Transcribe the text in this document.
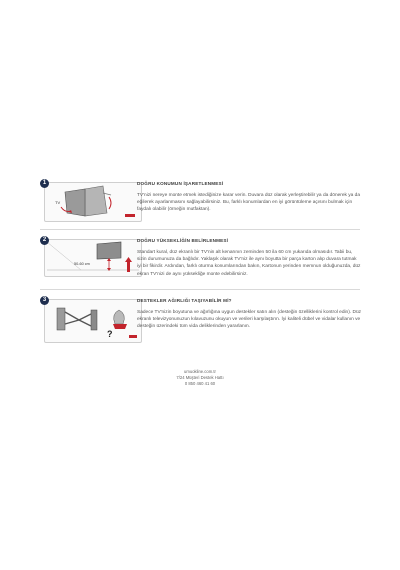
1
TV
DOĞRU KONUMUN İŞARETLENMESİ
TV'nizi nereye monte etmek istediğinize karar verin. Duvara düz olarak yerleştirebilir ya da dönerek ya da eğilerek ayarlanmasını sağlayabilirsiniz. Bu, farklı konumlardan en iyi görüntüleme açısını bulmak için faydalı olabilir (örneğin mutfaktan).
2
50-60 cm
DOĞRU YÜKSEKLİĞİN BELİRLENMESİ
Standart kural, düz ekranlı bir TV'nin alt kenarının zeminden 50 ila 60 cm yukarıda olmasıdır. Tabii bu, sizin durumunuza da bağlıdır. Yaklaşık olarak TV'niz ile aynı boyutta bir parça karton alıp duvara tutmak iyi bir fikirdir. Ardından, farklı oturma konumlarından bakın, Kartonun yerinden memnun olduğunuzda, düz ekran TV'nizi de aynı yüksekliğe monte edebilirsiniz.
3
?
DESTEKLER AĞIRLIĞI TAŞIYABİLİR Mİ?
Sadece TV'nizin boyutuna ve ağırlığına uygun destekler satın alın (desteğin özelliklerini kontrol edin). Düz ekranlı televizyonunuzun kılavuzunu okuyun ve verileri karşılaştırın. İyi kaliteli dübel ve vidalar kullanın ve desteğin üzerindeki tüm vida deliklerinden yararlanın.
umuokline.com.tr
7/24 Müşteri Destek Hattı
0 850 460 41 60
